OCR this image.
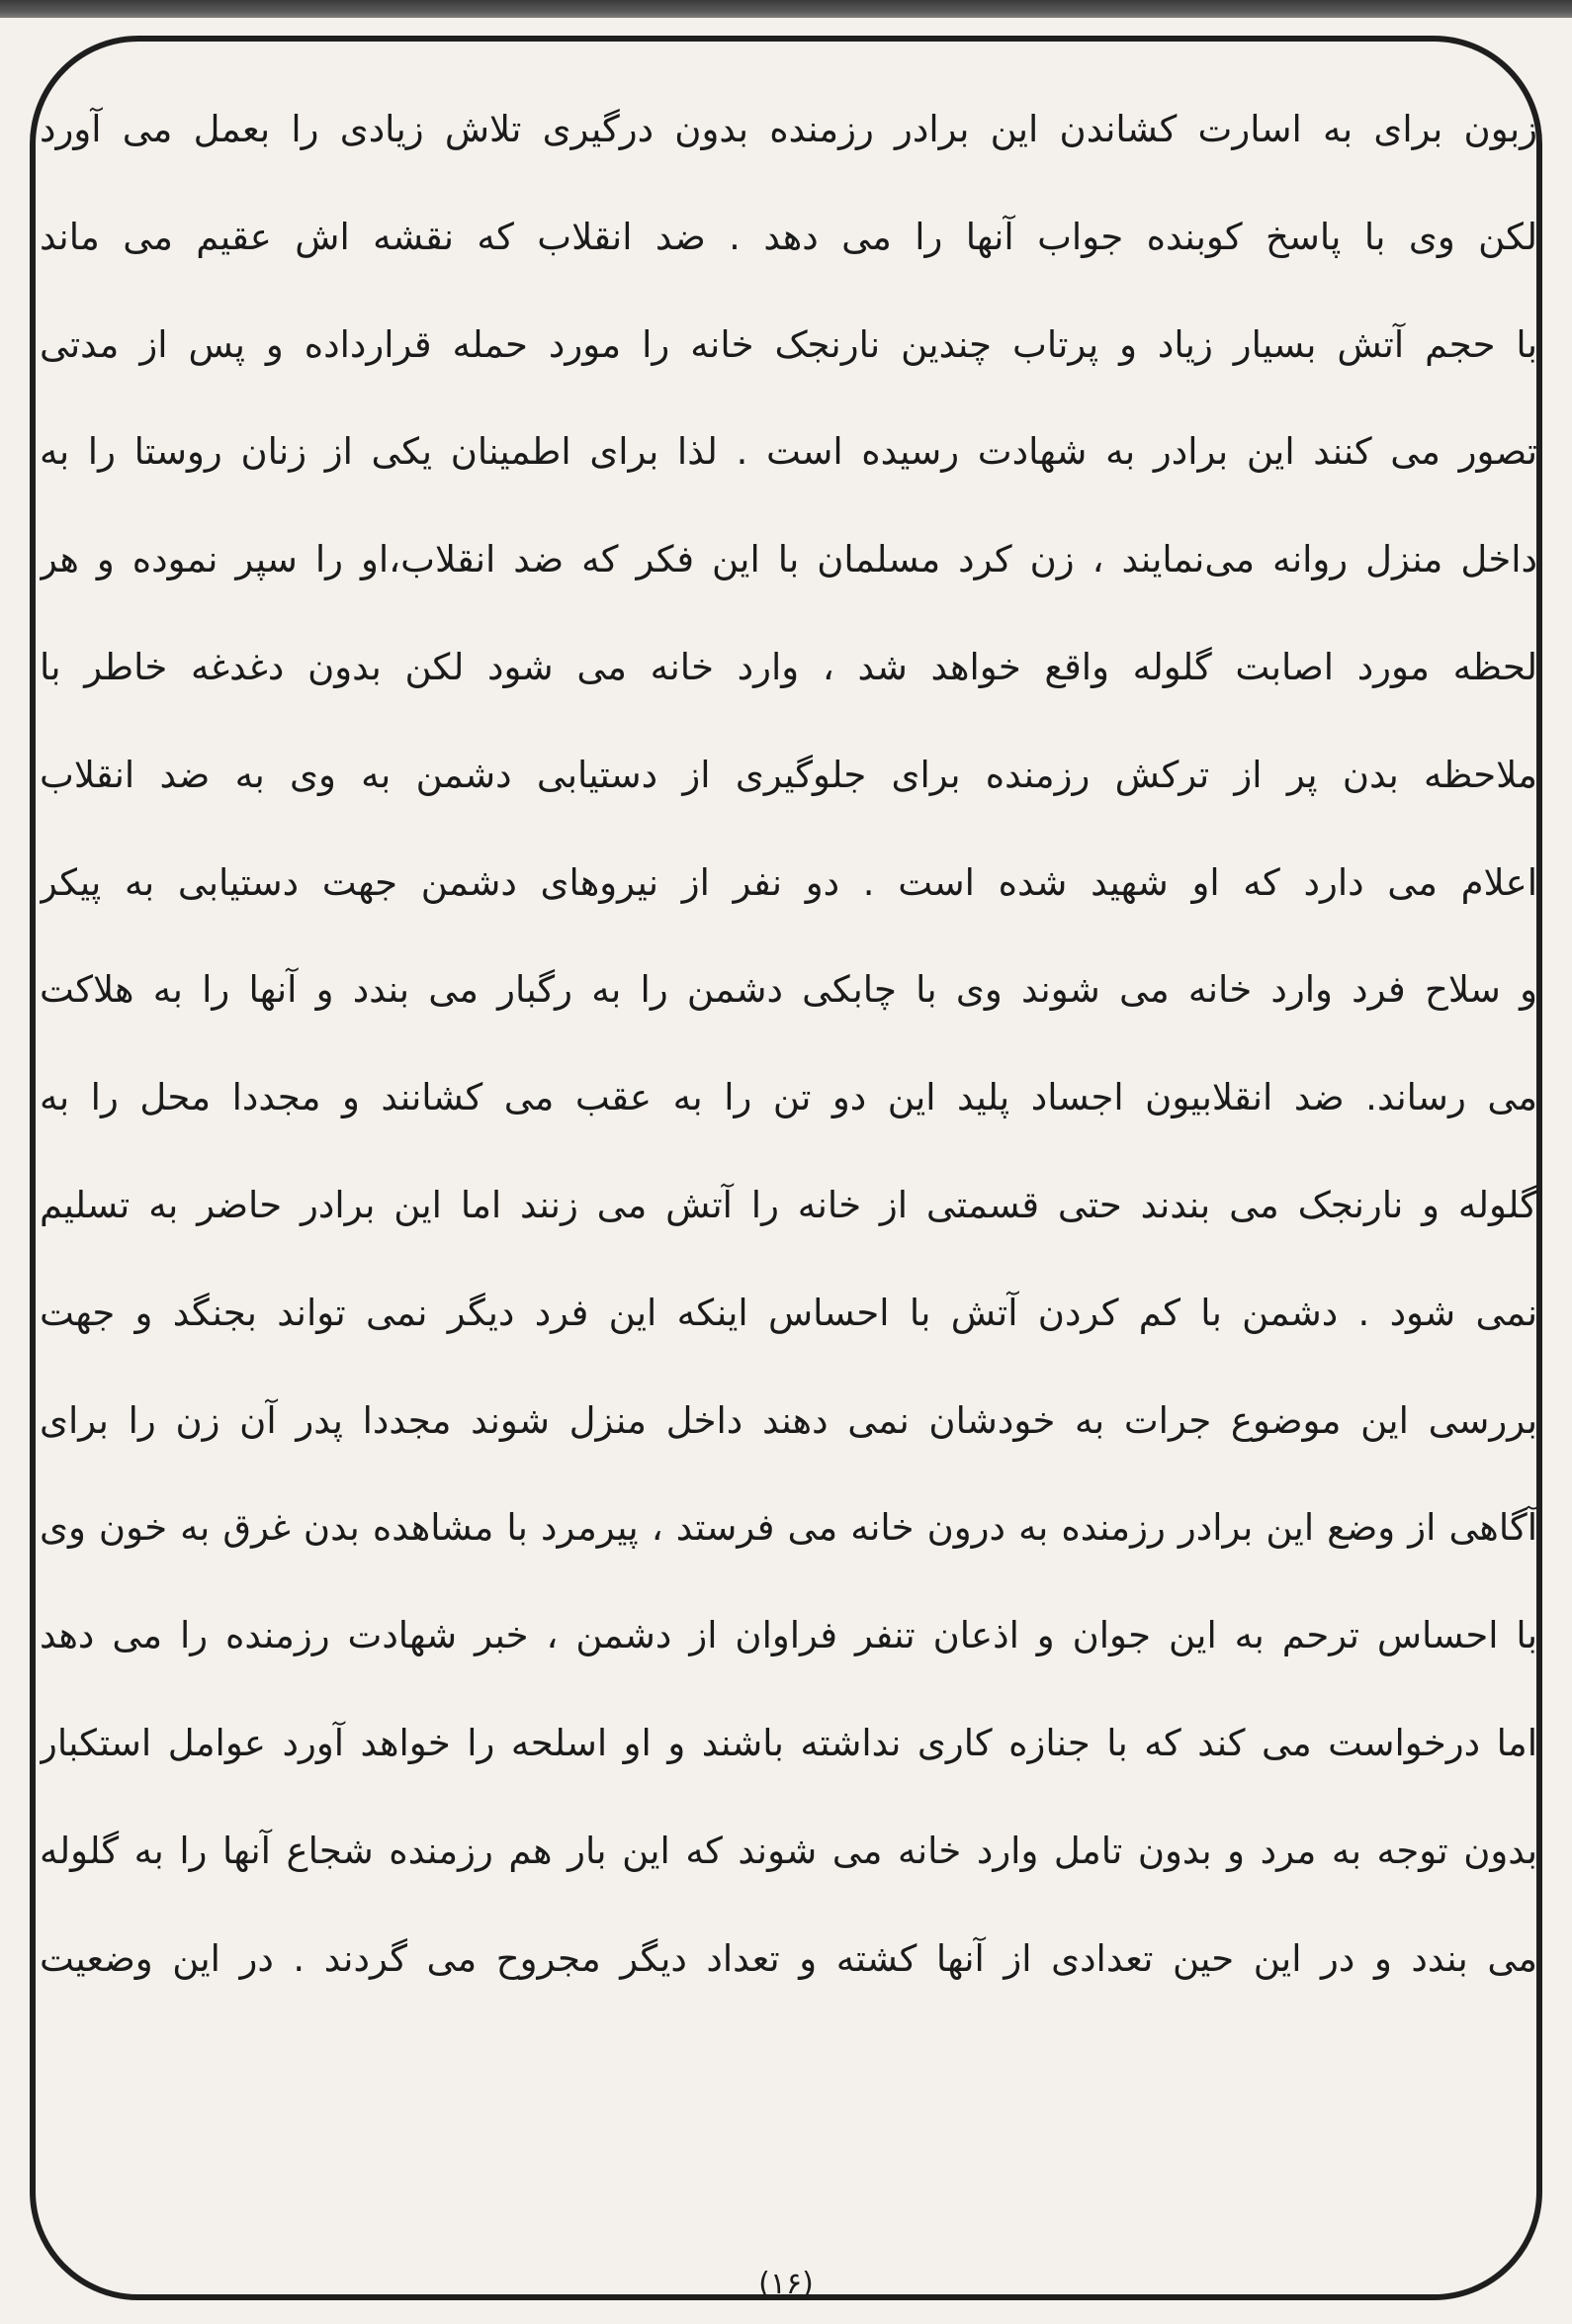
زبون برای به اسارت کشاندن این برادر رزمنده بدون درگیری تلاش زیادی را بعمل می آورد
لکن وی با پاسخ کوبنده جواب آنها را می دهد . ضد انقلاب که نقشه اش عقیم می ماند
با حجم آتش بسیار زیاد و پرتاب چندین نارنجک خانه را مورد حمله قرارداده و پس از مدتی
تصور می کنند این برادر به شهادت رسیده است . لذا برای اطمینان یکی از زنان روستا را به
داخل منزل روانه می‌نمایند ، زن کرد مسلمان با این فکر که ضد انقلاب،او را سپر نموده و هر
لحظه مورد اصابت گلوله واقع خواهد شد ، وارد خانه می شود لکن بدون دغدغه خاطر با
ملاحظه بدن پر از ترکش رزمنده برای جلوگیری از دستیابی دشمن به وی به ضد انقلاب
اعلام می دارد که او شهید شده است . دو نفر از نیروهای دشمن جهت دستیابی به پیکر
و سلاح فرد وارد خانه می شوند وی با چابکی دشمن را به رگبار می بندد و آنها را به هلاکت
می رساند. ضد انقلابیون اجساد پلید این دو تن را به عقب می کشانند و مجددا محل را به
گلوله و نارنجک می بندند حتی قسمتی از خانه را آتش می زنند اما این برادر حاضر به تسلیم
نمی شود . دشمن با کم کردن آتش با احساس اینکه این فرد دیگر نمی تواند بجنگد و جهت
بررسی این موضوع جرات به خودشان نمی دهند داخل منزل شوند مجددا پدر آن زن را برای
آگاهی از وضع این برادر رزمنده به درون خانه می فرستد ، پیرمرد با مشاهده بدن غرق به خون وی
با احساس ترحم به این جوان و اذعان تنفر فراوان از دشمن ، خبر شهادت رزمنده را می دهد
اما درخواست می کند که با جنازه کاری نداشته باشند و او اسلحه را خواهد آورد عوامل استکبار
بدون توجه به مرد و بدون تامل وارد خانه می شوند که این بار هم رزمنده شجاع آنها را به گلوله
می بندد و در این حین تعدادی از آنها کشته و تعداد دیگر مجروح می گردند . در این وضعیت
(۱۶)
